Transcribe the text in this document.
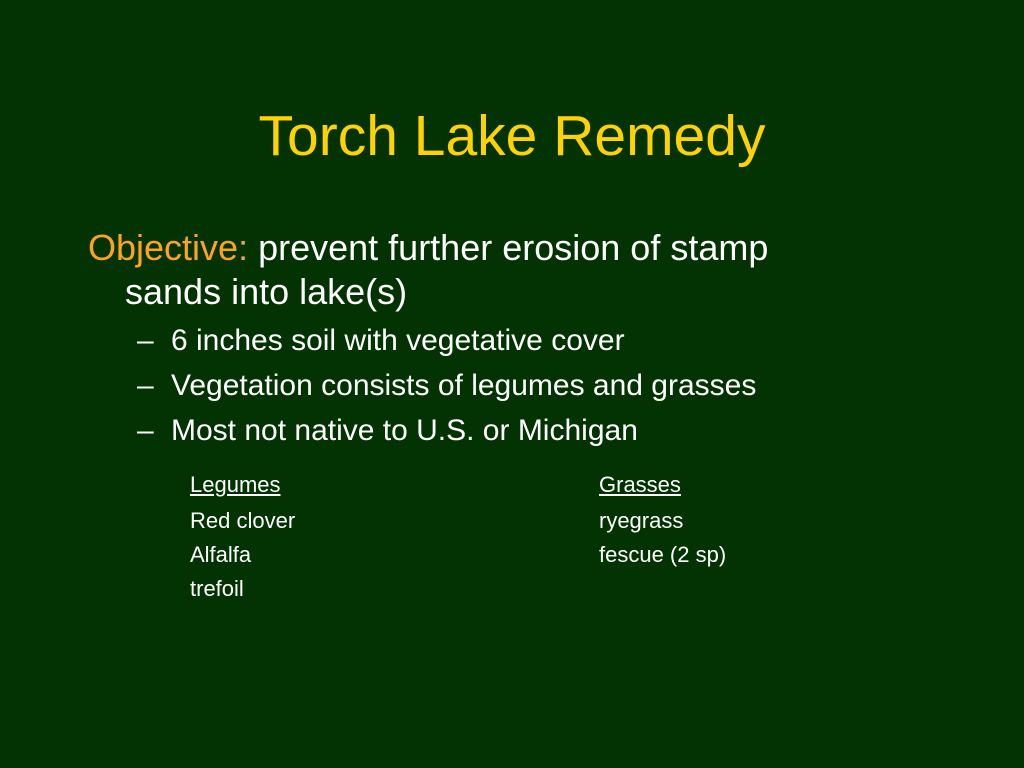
Torch Lake Remedy
Objective: prevent further erosion of stamp
sands into lake(s)
– 6 inches soil with vegetative cover
– Vegetation consists of legumes and grasses
– Most not native to U.S. or Michigan
Legumes
Red clover
Alfalfa
trefoil
Grasses
ryegrass
fescue (2 sp)
